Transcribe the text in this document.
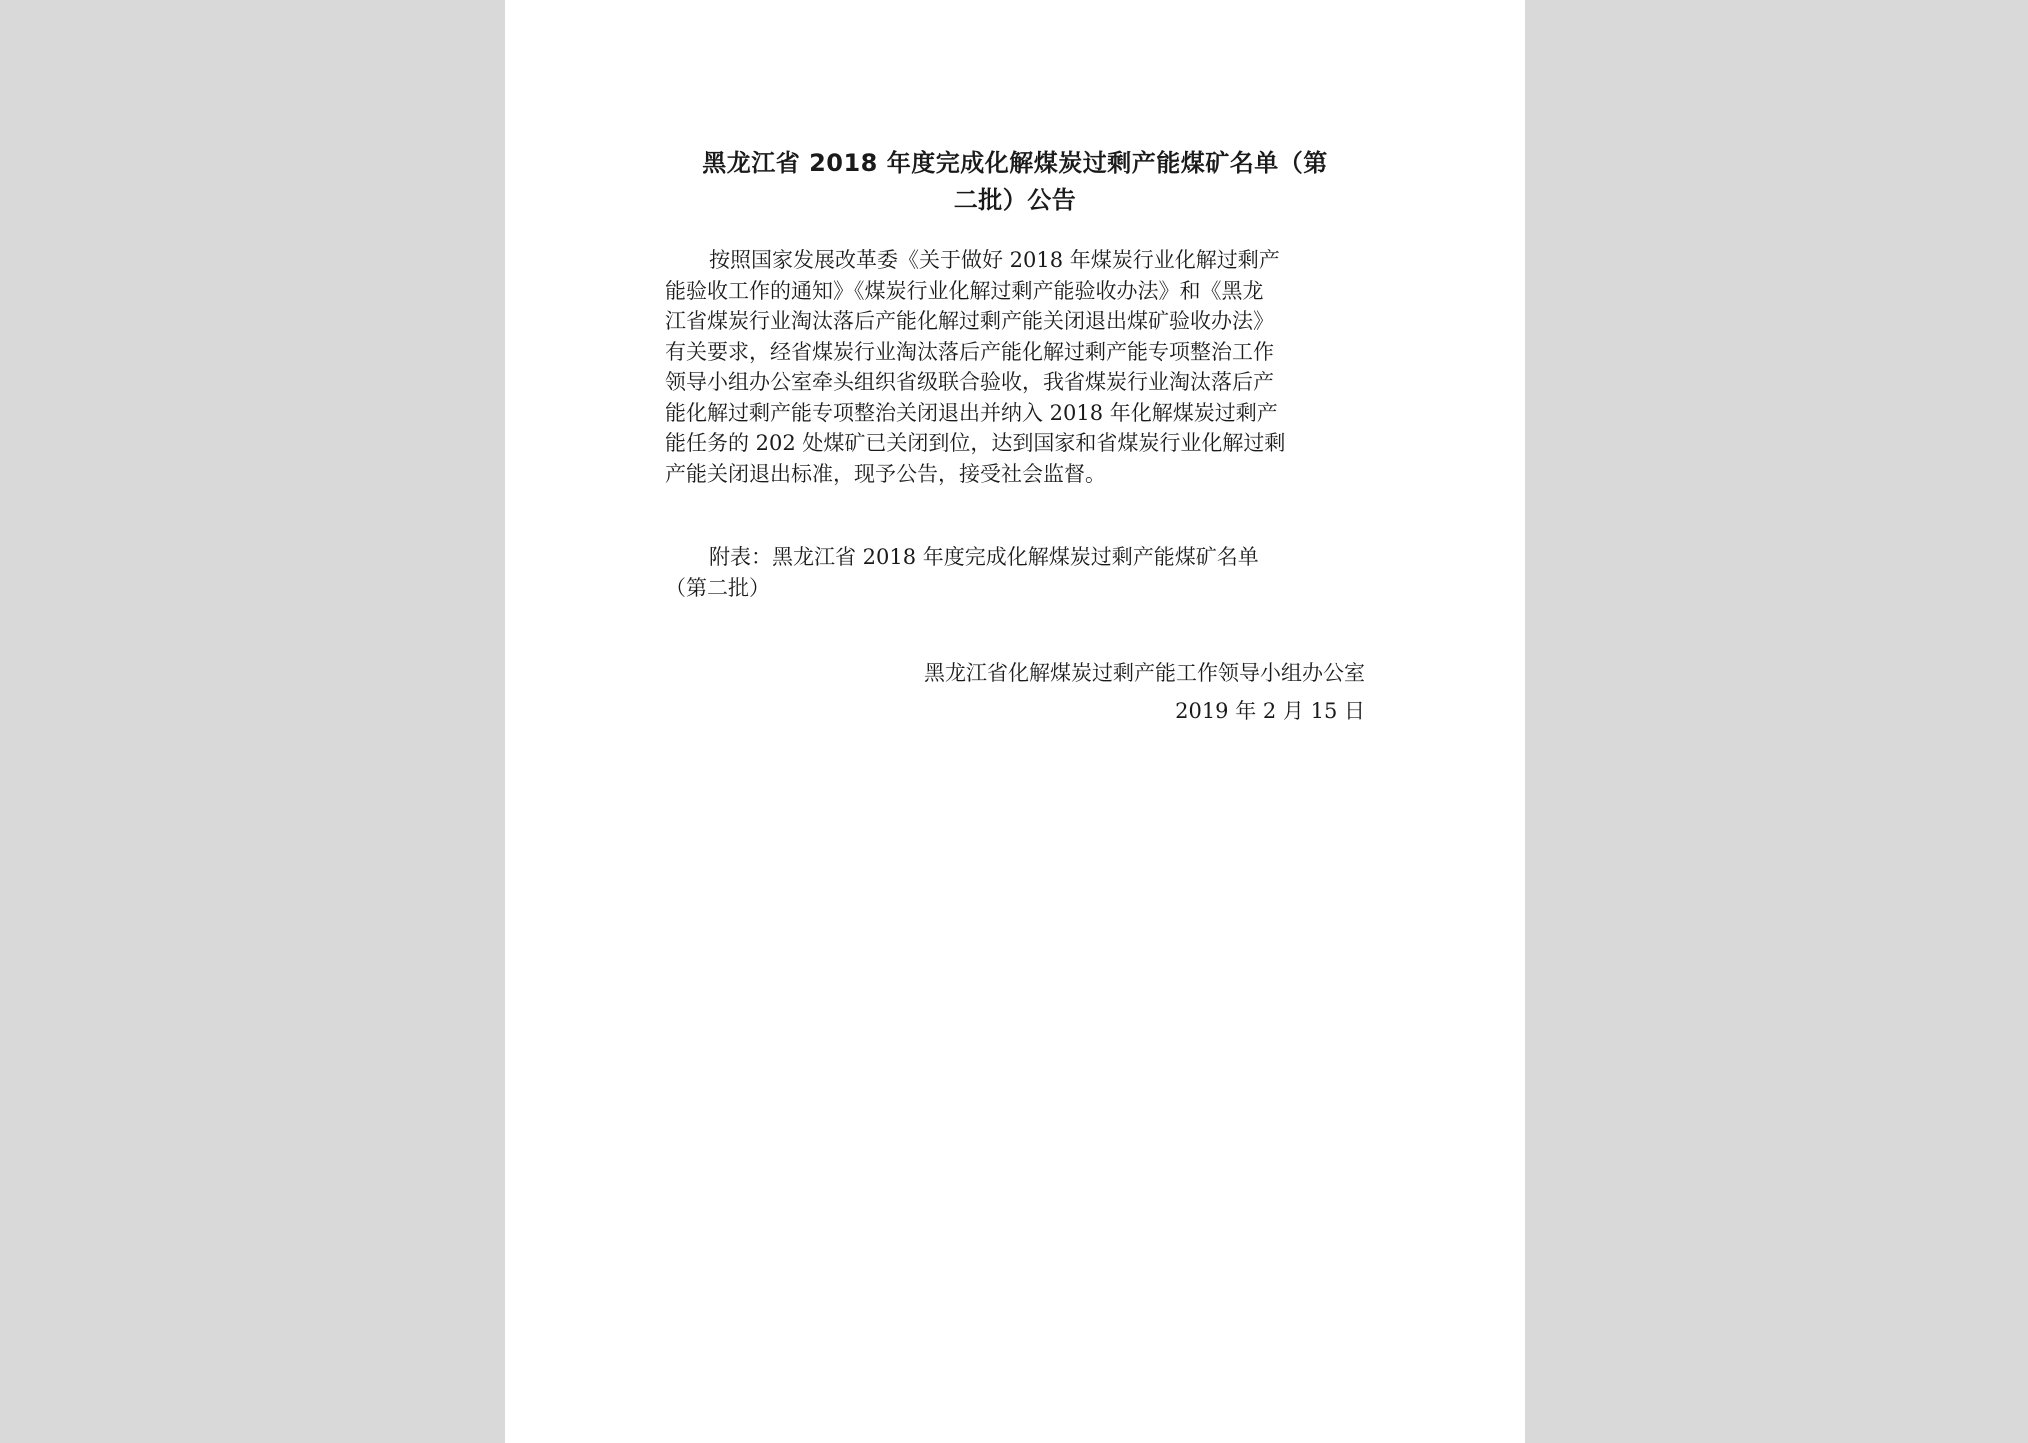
黑龙江省 2018 年度完成化解煤炭过剩产能煤矿名单（第
二批）公告
按照国家发展改革委《关于做好 2018 年煤炭行业化解过剩产
能验收工作的通知》《煤炭行业化解过剩产能验收办法》和《黑龙
江省煤炭行业淘汰落后产能化解过剩产能关闭退出煤矿验收办法》
有关要求，经省煤炭行业淘汰落后产能化解过剩产能专项整治工作
领导小组办公室牵头组织省级联合验收，我省煤炭行业淘汰落后产
能化解过剩产能专项整治关闭退出并纳入 2018 年化解煤炭过剩产
能任务的 202 处煤矿已关闭到位，达到国家和省煤炭行业化解过剩
产能关闭退出标准，现予公告，接受社会监督。
附表：黑龙江省 2018 年度完成化解煤炭过剩产能煤矿名单
（第二批）
黑龙江省化解煤炭过剩产能工作领导小组办公室
2019 年 2 月 15 日
